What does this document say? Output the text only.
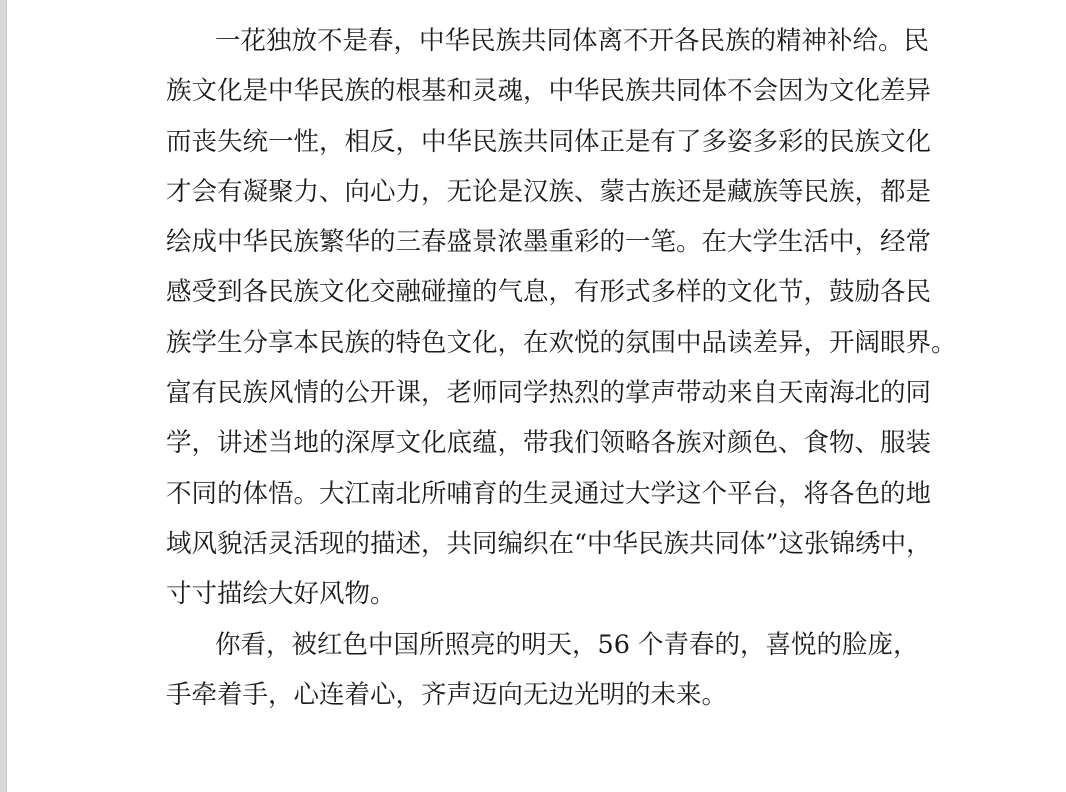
一花独放不是春，中华民族共同体离不开各民族的精神补给。民
族文化是中华民族的根基和灵魂，中华民族共同体不会因为文化差异
而丧失统一性，相反，中华民族共同体正是有了多姿多彩的民族文化
才会有凝聚力、向心力，无论是汉族、蒙古族还是藏族等民族，都是
绘成中华民族繁华的三春盛景浓墨重彩的一笔。在大学生活中，经常
感受到各民族文化交融碰撞的气息，有形式多样的文化节，鼓励各民
族学生分享本民族的特色文化，在欢悦的氛围中品读差异，开阔眼界。
富有民族风情的公开课，老师同学热烈的掌声带动来自天南海北的同
学，讲述当地的深厚文化底蕴，带我们领略各族对颜色、食物、服装
不同的体悟。大江南北所哺育的生灵通过大学这个平台，将各色的地
域风貌活灵活现的描述，共同编织在“中华民族共同体”这张锦绣中，
寸寸描绘大好风物。
你看，被红色中国所照亮的明天，56 个青春的，喜悦的脸庞，
手牵着手，心连着心，齐声迈向无边光明的未来。
